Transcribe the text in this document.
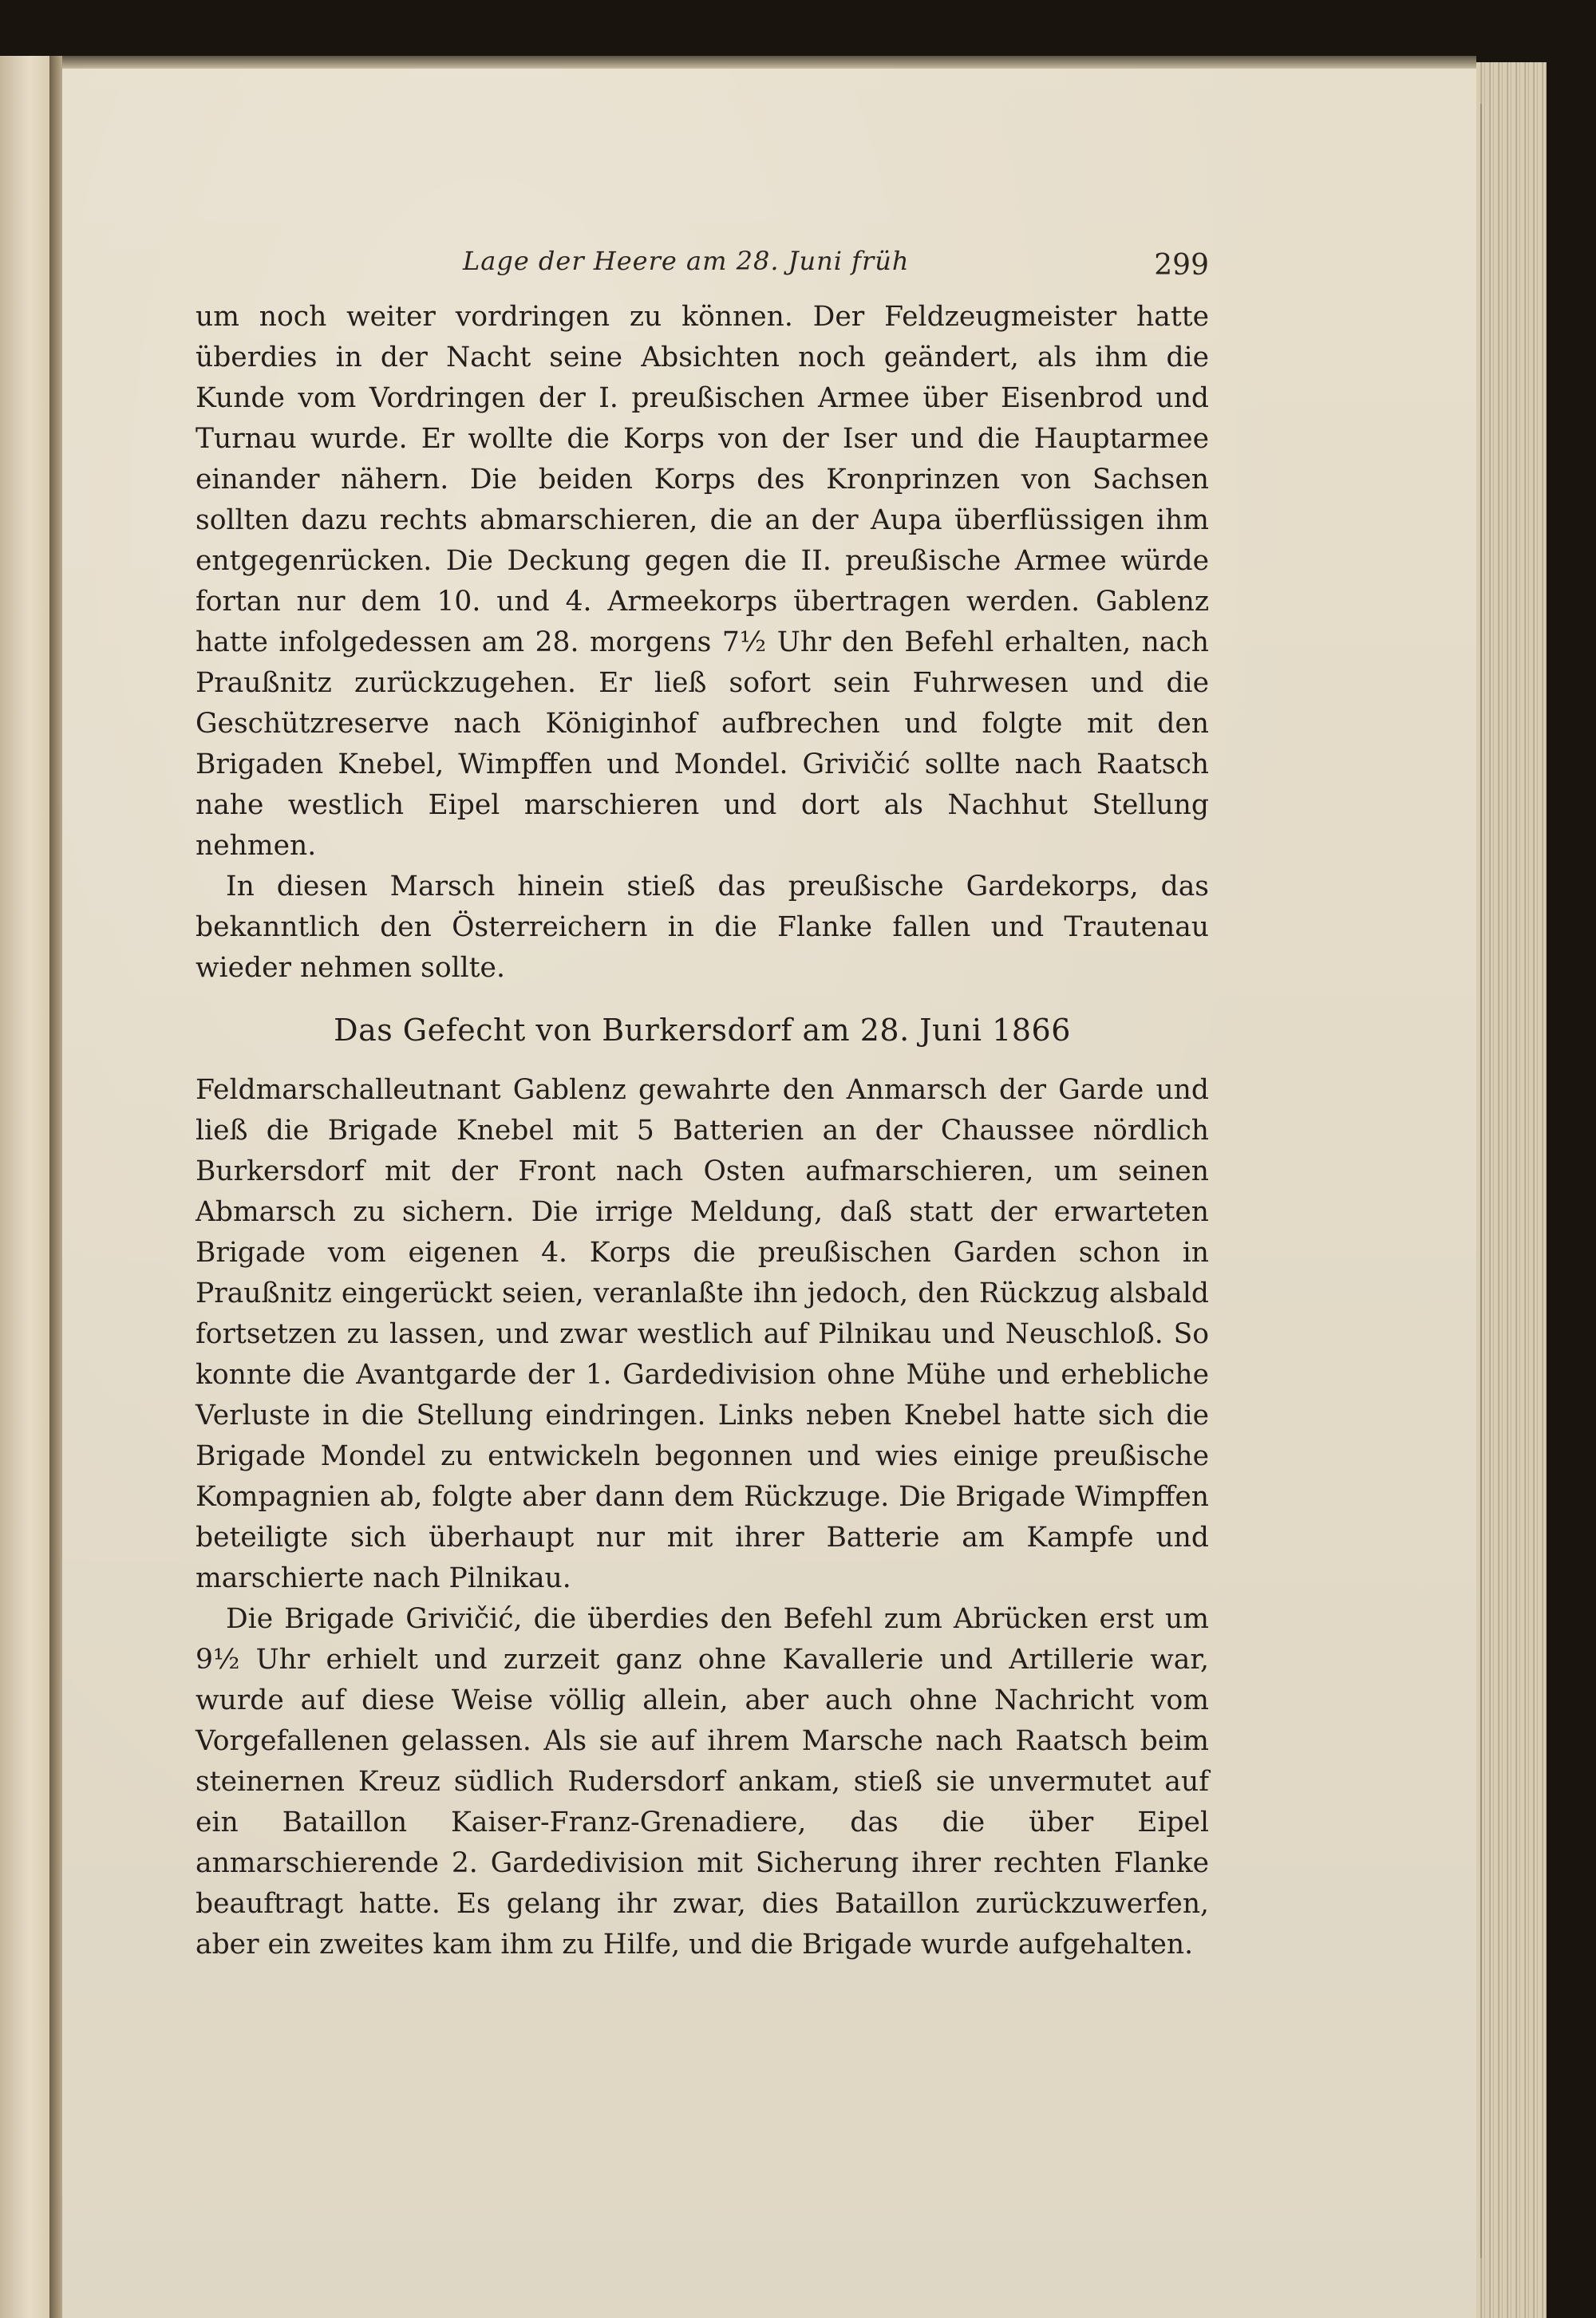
Lage der Heere am 28. Juni früh	299

um noch weiter vordringen zu können. Der Feldzeugmeister hatte überdies in der Nacht seine Absichten noch geändert, als ihm die Kunde vom Vordringen der I. preußischen Armee über Eisenbrod und Turnau wurde. Er wollte die Korps von der Iser und die Hauptarmee einander nähern. Die beiden Korps des Kronprinzen von Sachsen sollten dazu rechts abmarschieren, die an der Aupa überflüssigen ihm entgegenrücken. Die Deckung gegen die II. preußische Armee würde fortan nur dem 10. und 4. Armeekorps übertragen werden. Gablenz hatte infolgedessen am 28. morgens 7½ Uhr den Befehl erhalten, nach Praußnitz zurückzugehen. Er ließ sofort sein Fuhrwesen und die Geschützreserve nach Königinhof aufbrechen und folgte mit den Brigaden Knebel, Wimpffen und Mondel. Grivičić sollte nach Raatsch nahe westlich Eipel marschieren und dort als Nachhut Stellung nehmen.

In diesen Marsch hinein stieß das preußische Gardekorps, das bekanntlich den Österreichern in die Flanke fallen und Trautenau wieder nehmen sollte.

Das Gefecht von Burkersdorf am 28. Juni 1866

Feldmarschalleutnant Gablenz gewahrte den Anmarsch der Garde und ließ die Brigade Knebel mit 5 Batterien an der Chaussee nördlich Burkersdorf mit der Front nach Osten aufmarschieren, um seinen Abmarsch zu sichern. Die irrige Meldung, daß statt der erwarteten Brigade vom eigenen 4. Korps die preußischen Garden schon in Praußnitz eingerückt seien, veranlaßte ihn jedoch, den Rückzug alsbald fortsetzen zu lassen, und zwar westlich auf Pilnikau und Neuschloß. So konnte die Avantgarde der 1. Gardedivision ohne Mühe und erhebliche Verluste in die Stellung eindringen. Links neben Knebel hatte sich die Brigade Mondel zu entwickeln begonnen und wies einige preußische Kompagnien ab, folgte aber dann dem Rückzuge. Die Brigade Wimpffen beteiligte sich überhaupt nur mit ihrer Batterie am Kampfe und marschierte nach Pilnikau.

Die Brigade Grivičić, die überdies den Befehl zum Abrücken erst um 9½ Uhr erhielt und zurzeit ganz ohne Kavallerie und Artillerie war, wurde auf diese Weise völlig allein, aber auch ohne Nachricht vom Vorgefallenen gelassen. Als sie auf ihrem Marsche nach Raatsch beim steinernen Kreuz südlich Rudersdorf ankam, stieß sie unvermutet auf ein Bataillon Kaiser-Franz-Grenadiere, das die über Eipel anmarschierende 2. Gardedivision mit Sicherung ihrer rechten Flanke beauftragt hatte. Es gelang ihr zwar, dies Bataillon zurückzuwerfen, aber ein zweites kam ihm zu Hilfe, und die Brigade wurde aufgehalten.
